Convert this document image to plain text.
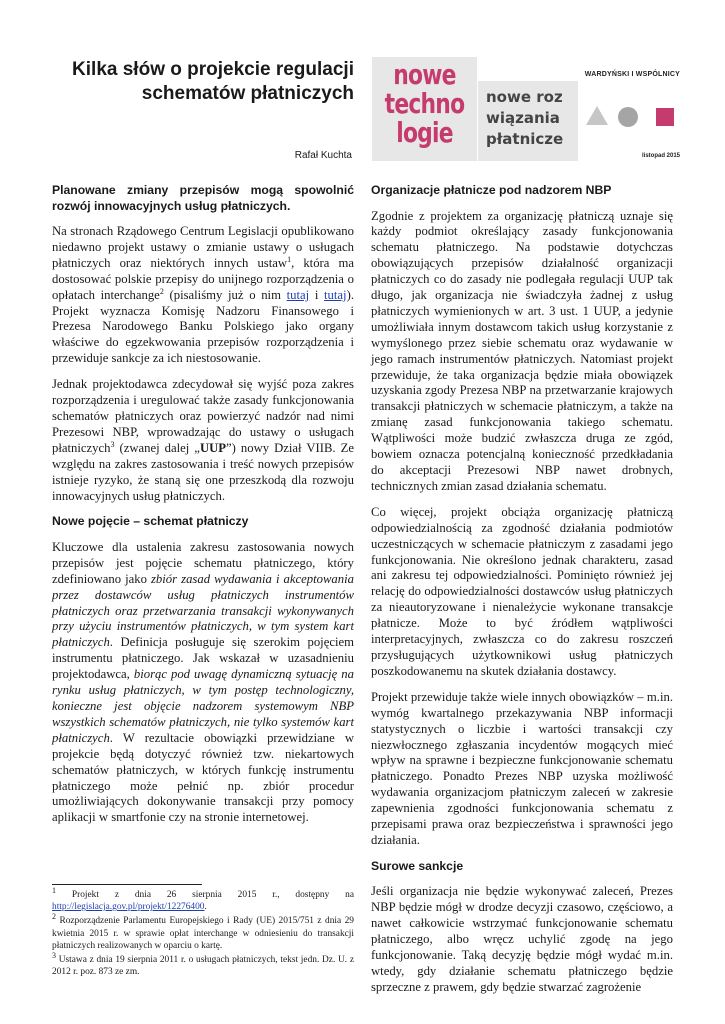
Kilka słów o projekcie regulacji schematów płatniczych
Rafał Kuchta
nowe
techno
logie
nowe roz
wiązania
płatnicze
WARDYŃSKI I WSPÓLNICY
listopad 2015
Planowane zmiany przepisów mogą spowolnić rozwój innowacyjnych usług płatniczych.

Na stronach Rządowego Centrum Legislacji opublikowano niedawno projekt ustawy o zmianie ustawy o usługach płatniczych oraz niektórych innych ustaw$^1$, która ma dostosować polskie przepisy do unijnego rozporządzenia o opłatach interchange$^2$ (pisaliśmy już o nim tutaj i tutaj). Projekt wyznacza Komisję Nadzoru Finansowego i Prezesa Narodowego Banku Polskiego jako organy właściwe do egzekwowania przepisów rozporządzenia i przewiduje sankcje za ich niestosowanie.

Jednak projektodawca zdecydował się wyjść poza zakres rozporządzenia i uregulować także zasady funkcjonowania schematów płatniczych oraz powierzyć nadzór nad nimi Prezesowi NBP, wprowadzając do ustawy o usługach płatniczych$^3$ (zwanej dalej „UUP”) nowy Dział VIIB. Ze względu na zakres zastosowania i treść nowych przepisów istnieje ryzyko, że staną się one przeszkodą dla rozwoju innowacyjnych usług płatniczych.

Nowe pojęcie – schemat płatniczy

Kluczowe dla ustalenia zakresu zastosowania nowych przepisów jest pojęcie schematu płatniczego, który zdefiniowano jako zbiór zasad wydawania i akceptowania przez dostawców usług płatniczych instrumentów płatniczych oraz przetwarzania transakcji wykonywanych przy użyciu instrumentów płatniczych, w tym system kart płatniczych. Definicja posługuje się szerokim pojęciem instrumentu płatniczego. Jak wskazał w uzasadnieniu projektodawca, biorąc pod uwagę dynamiczną sytuację na rynku usług płatniczych, w tym postęp technologiczny, konieczne jest objęcie nadzorem systemowym NBP wszystkich schematów płatniczych, nie tylko systemów kart płatniczych. W rezultacie obowiązki przewidziane w projekcie będą dotyczyć również tzw. niekartowych schematów płatniczych, w których funkcję instrumentu płatniczego może pełnić np. zbiór procedur umożliwiających dokonywanie transakcji przy pomocy aplikacji w smartfonie czy na stronie internetowej.

$^1$ Projekt z dnia 26 sierpnia 2015 r., dostępny na http://legislacja.gov.pl/projekt/12276400.

$^2$ Rozporządzenie Parlamentu Europejskiego i Rady (UE) 2015/751 z dnia 29 kwietnia 2015 r. w sprawie opłat interchange w odniesieniu do transakcji płatniczych realizowanych w oparciu o kartę.

$^3$ Ustawa z dnia 19 sierpnia 2011 r. o usługach płatniczych, tekst jedn. Dz. U. z 2012 r. poz. 873 ze zm.

Organizacje płatnicze pod nadzorem NBP

Zgodnie z projektem za organizację płatniczą uznaje się każdy podmiot określający zasady funkcjonowania schematu płatniczego. Na podstawie dotychczas obowiązujących przepisów działalność organizacji płatniczych co do zasady nie podlegała regulacji UUP tak długo, jak organizacja nie świadczyła żadnej z usług płatniczych wymienionych w art. 3 ust. 1 UUP, a jedynie umożliwiała innym dostawcom takich usług korzystanie z wymyślonego przez siebie schematu oraz wydawanie w jego ramach instrumentów płatniczych. Natomiast projekt przewiduje, że taka organizacja będzie miała obowiązek uzyskania zgody Prezesa NBP na przetwarzanie krajowych transakcji płatniczych w schemacie płatniczym, a także na zmianę zasad funkcjonowania takiego schematu. Wątpliwości może budzić zwłaszcza druga ze zgód, bowiem oznacza potencjalną konieczność przedkładania do akceptacji Prezesowi NBP nawet drobnych, technicznych zmian zasad działania schematu.

Co więcej, projekt obciąża organizację płatniczą odpowiedzialnością za zgodność działania podmiotów uczestniczących w schemacie płatniczym z zasadami jego funkcjonowania. Nie określono jednak charakteru, zasad ani zakresu tej odpowiedzialności. Pominięto również jej relację do odpowiedzialności dostawców usług płatniczych za nieautoryzowane i nienależycie wykonane transakcje płatnicze. Może to być źródłem wątpliwości interpretacyjnych, zwłaszcza co do zakresu roszczeń przysługujących użytkownikowi usług płatniczych poszkodowanemu na skutek działania dostawcy.

Projekt przewiduje także wiele innych obowiązków – m.in. wymóg kwartalnego przekazywania NBP informacji statystycznych o liczbie i wartości transakcji czy niezwłocznego zgłaszania incydentów mogących mieć wpływ na sprawne i bezpieczne funkcjonowanie schematu płatniczego. Ponadto Prezes NBP uzyska możliwość wydawania organizacjom płatniczym zaleceń w zakresie zapewnienia zgodności funkcjonowania schematu z przepisami prawa oraz bezpieczeństwa i sprawności jego działania.

Surowe sankcje

Jeśli organizacja nie będzie wykonywać zaleceń, Prezes NBP będzie mógł w drodze decyzji czasowo, częściowo, a nawet całkowicie wstrzymać funkcjonowanie schematu płatniczego, albo wręcz uchylić zgodę na jego funkcjonowanie. Taką decyzję będzie mógł wydać m.in. wtedy, gdy działanie schematu płatniczego będzie sprzeczne z prawem, gdy będzie stwarzać zagrożenie
